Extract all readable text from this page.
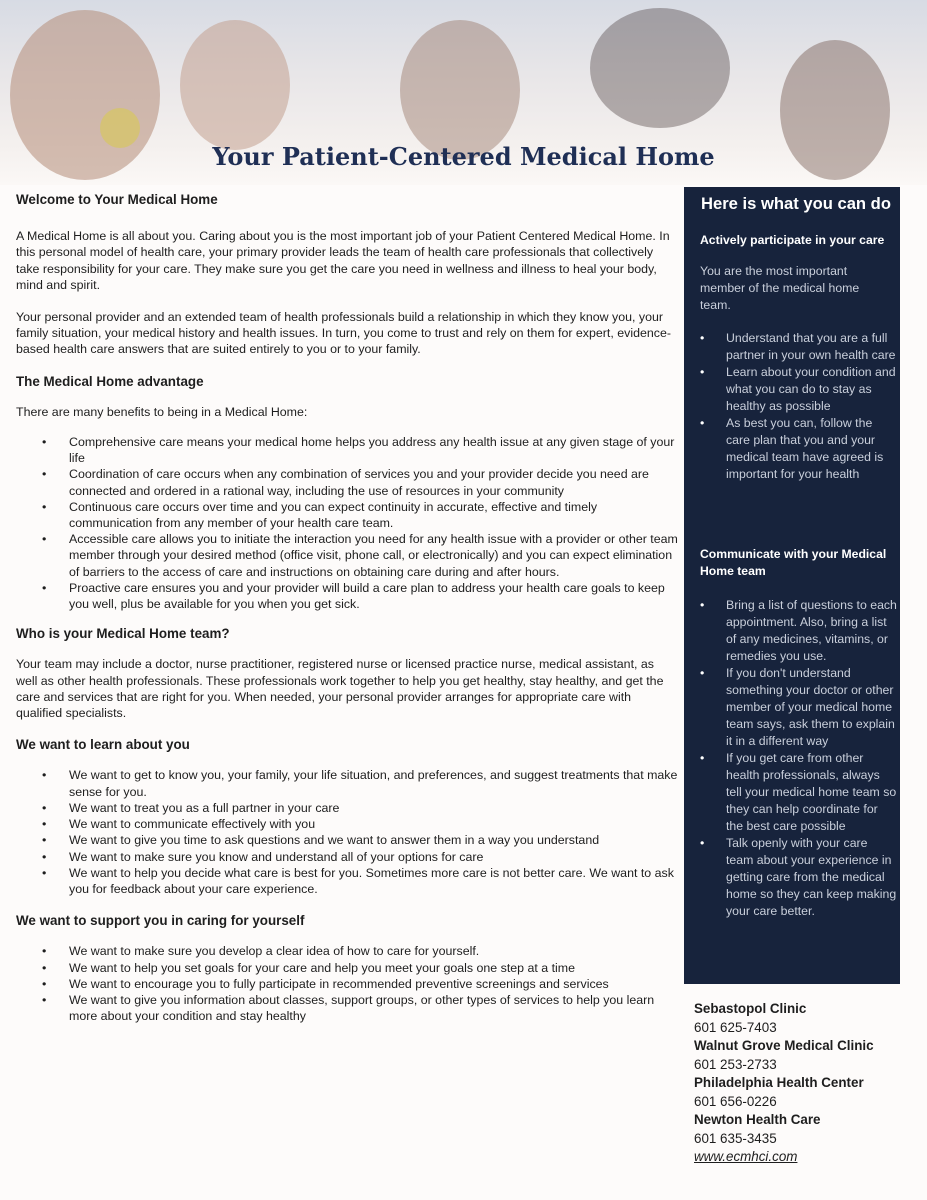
Your Patient-Centered Medical Home
Welcome to Your Medical Home

A Medical Home is all about you. Caring about you is the most important job of your Patient Centered Medical Home. In this personal model of health care, your primary provider leads the team of health care professionals that collectively take responsibility for your care. They make sure you get the care you need in wellness and illness to heal your body, mind and spirit.

Your personal provider and an extended team of health professionals build a relationship in which they know you, your family situation, your medical history and health issues. In turn, you come to trust and rely on them for expert, evidence-based health care answers that are suited entirely to you or to your family.

The Medical Home advantage

There are many benefits to being in a Medical Home:

• Comprehensive care means your medical home helps you address any health issue at any given stage of your life
• Coordination of care occurs when any combination of services you and your provider decide you need are connected and ordered in a rational way, including the use of resources in your community
• Continuous care occurs over time and you can expect continuity in accurate, effective and timely communication from any member of your health care team.
• Accessible care allows you to initiate the interaction you need for any health issue with a provider or other team member through your desired method (office visit, phone call, or electronically) and you can expect elimination of barriers to the access of care and instructions on obtaining care during and after hours.
• Proactive care ensures you and your provider will build a care plan to address your health care goals to keep you well, plus be available for you when you get sick.
Who is your Medical Home team?

Your team may include a doctor, nurse practitioner, registered nurse or licensed practice nurse, medical assistant, as well as other health professionals. These professionals work together to help you get healthy, stay healthy, and get the care and services that are right for you. When needed, your personal provider arranges for appropriate care with qualified specialists.

We want to learn about you
• We want to get to know you, your family, your life situation, and preferences, and suggest treatments that make sense for you.
• We want to treat you as a full partner in your care
• We want to communicate effectively with you
• We want to give you time to ask questions and we want to answer them in a way you understand
• We want to make sure you know and understand all of your options for care
• We want to help you decide what care is best for you. Sometimes more care is not better care. We want to ask you for feedback about your care experience.
We want to support you in caring for yourself
• We want to make sure you develop a clear idea of how to care for yourself.
• We want to help you set goals for your care and help you meet your goals one step at a time
• We want to encourage you to fully participate in recommended preventive screenings and services
• We want to give you information about classes, support groups, or other types of services to help you learn more about your condition and stay healthy
Here is what you can do
Actively participate in your care

You are the most important member of the medical home team.

• Understand that you are a full partner in your own health care
• Learn about your condition and what you can do to stay as healthy as possible
• As best you can, follow the care plan that you and your medical team have agreed is important for your health
Communicate with your Medical Home team
• Bring a list of questions to each appointment. Also, bring a list of any medicines, vitamins, or remedies you use.
• If you don't understand something your doctor or other member of your medical home team says, ask them to explain it in a different way
• If you get care from other health professionals, always tell your medical home team so they can help coordinate for the best care possible
• Talk openly with your care team about your experience in getting care from the medical home so they can keep making your care better.
Sebastopol Clinic
601 625-7403
Walnut Grove Medical Clinic
601 253-2733
Philadelphia Health Center
601 656-0226
Newton Health Care
601 635-3435
www.ecmhci.com
